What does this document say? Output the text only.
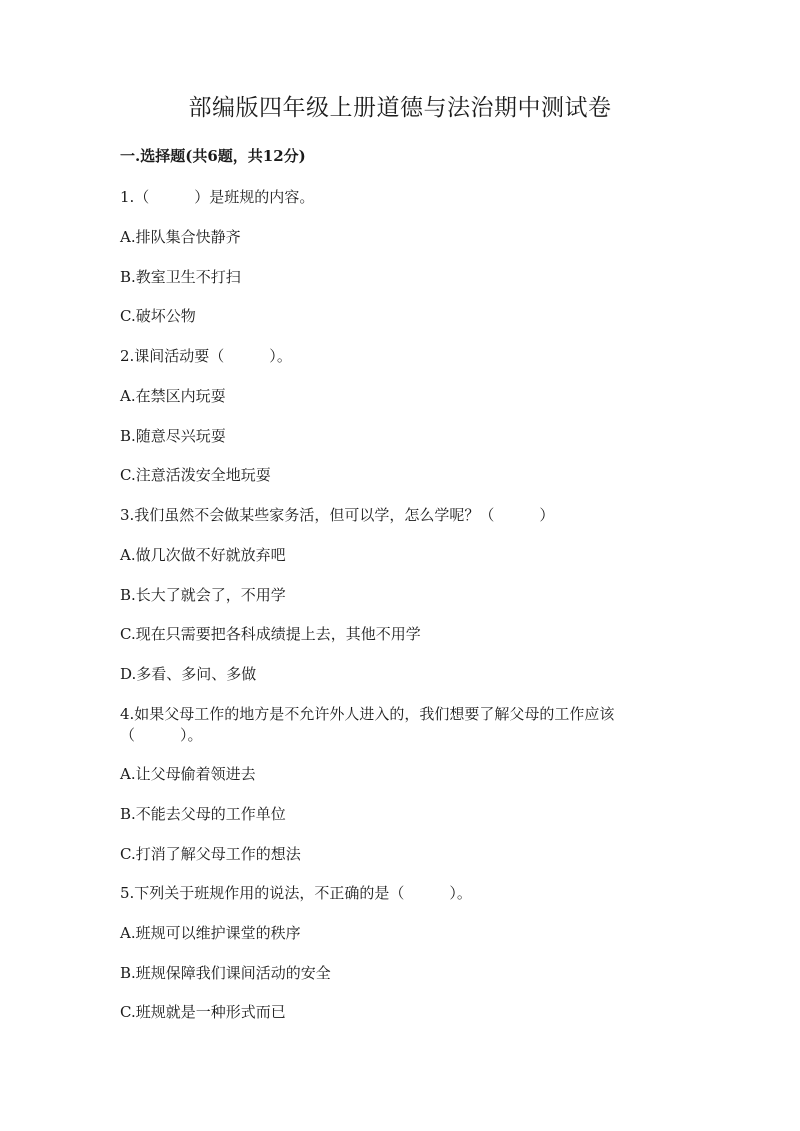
部编版四年级上册道德与法治期中测试卷
一.选择题(共6题，共12分)
1.（　　　）是班规的内容。
A.排队集合快静齐
B.教室卫生不打扫
C.破坏公物
2.课间活动要（　　　）。
A.在禁区内玩耍
B.随意尽兴玩耍
C.注意活泼安全地玩耍
3.我们虽然不会做某些家务活，但可以学，怎么学呢？（　　　）
A.做几次做不好就放弃吧
B.长大了就会了，不用学
C.现在只需要把各科成绩提上去，其他不用学
D.多看、多问、多做
4.如果父母工作的地方是不允许外人进入的，我们想要了解父母的工作应该
（　　　）。
A.让父母偷着领进去
B.不能去父母的工作单位
C.打消了解父母工作的想法
5.下列关于班规作用的说法，不正确的是（　　　）。
A.班规可以维护课堂的秩序
B.班规保障我们课间活动的安全
C.班规就是一种形式而已
